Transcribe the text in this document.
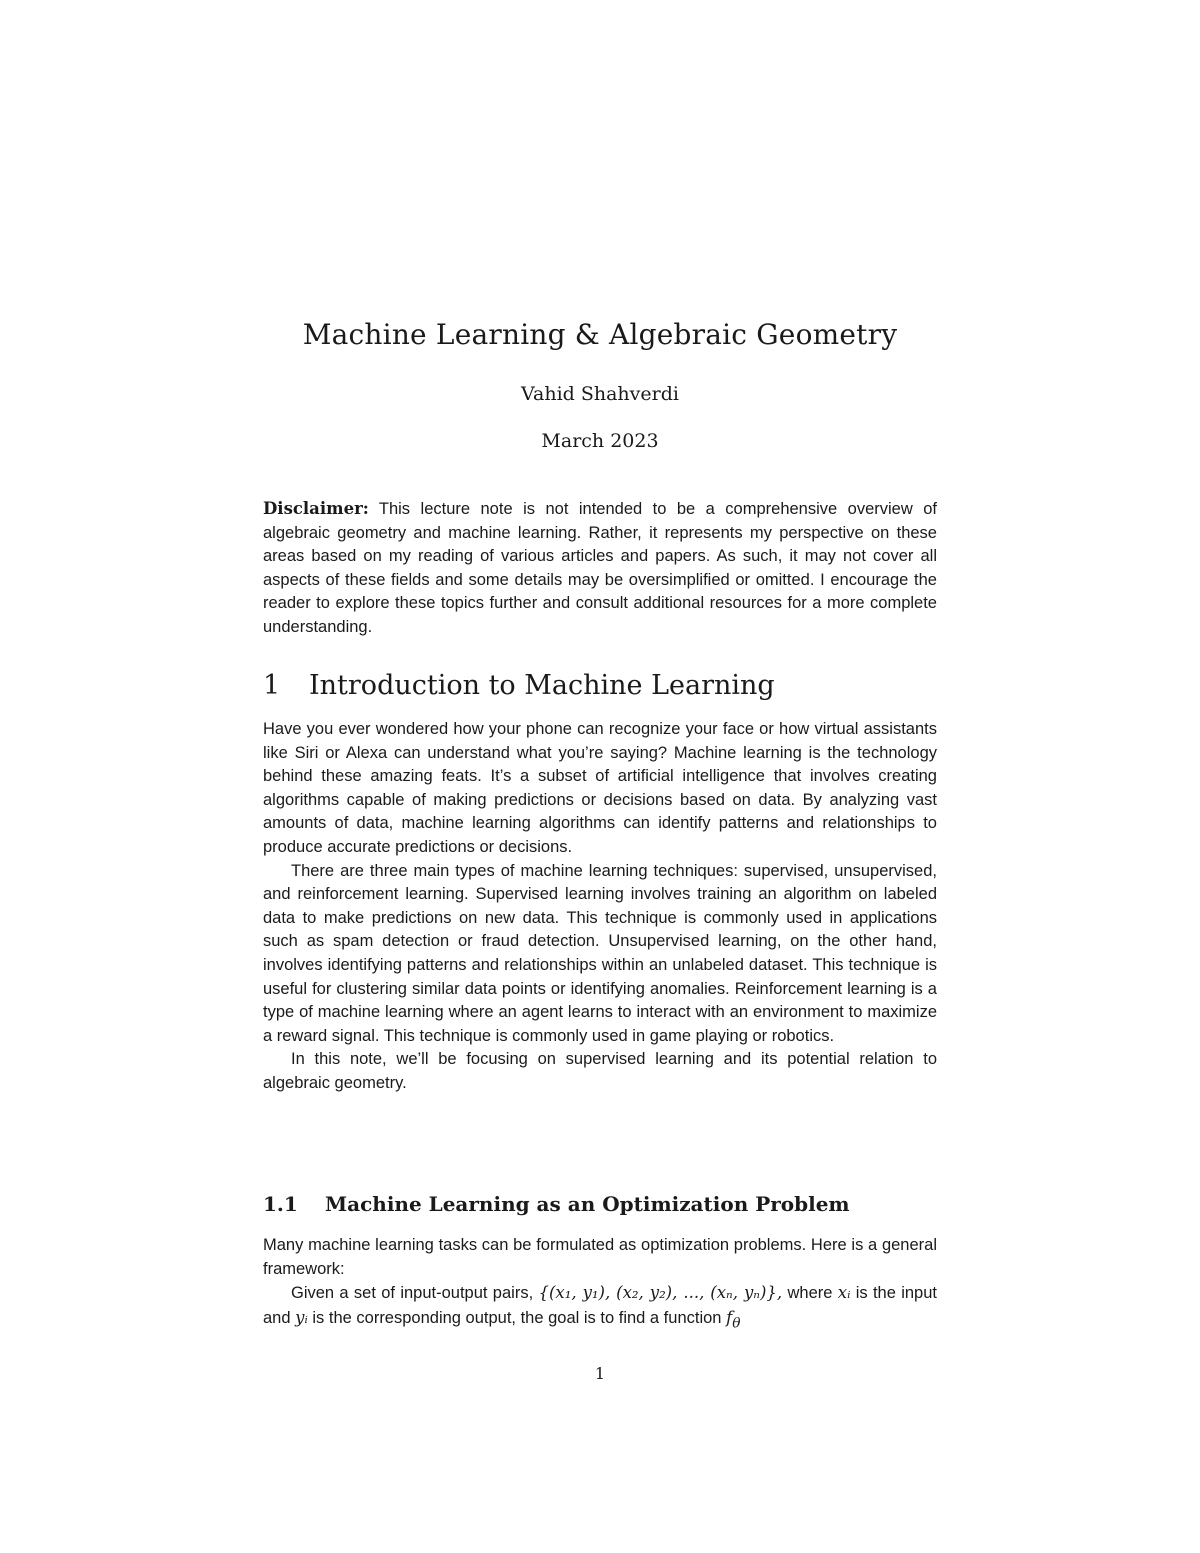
Machine Learning & Algebraic Geometry
Vahid Shahverdi
March 2023

Disclaimer: This lecture note is not intended to be a comprehensive overview of algebraic geometry and machine learning. Rather, it represents my perspective on these areas based on my reading of various articles and papers. As such, it may not cover all aspects of these fields and some details may be oversimplified or omitted. I encourage the reader to explore these topics further and consult additional resources for a more complete understanding.

1 Introduction to Machine Learning

Have you ever wondered how your phone can recognize your face or how virtual assistants like Siri or Alexa can understand what you’re saying? Machine learning is the technology behind these amazing feats. It’s a subset of artificial intelligence that involves creating algorithms capable of making predictions or decisions based on data. By analyzing vast amounts of data, machine learning algorithms can identify patterns and relationships to produce accurate predictions or decisions.

There are three main types of machine learning techniques: supervised, unsupervised, and reinforcement learning. Supervised learning involves training an algorithm on labeled data to make predictions on new data. This technique is commonly used in applications such as spam detection or fraud detection. Unsupervised learning, on the other hand, involves identifying patterns and relationships within an unlabeled dataset. This technique is useful for clustering similar data points or identifying anomalies. Reinforcement learning is a type of machine learning where an agent learns to interact with an environment to maximize a reward signal. This technique is commonly used in game playing or robotics.

In this note, we’ll be focusing on supervised learning and its potential relation to algebraic geometry.

1.1 Machine Learning as an Optimization Problem

Many machine learning tasks can be formulated as optimization problems. Here is a general framework:

Given a set of input-output pairs, {(x₁, y₁), (x₂, y₂), ..., (xₙ, yₙ)}, where xᵢ is the input and yᵢ is the corresponding output, the goal is to find a function $f_\theta$

1
